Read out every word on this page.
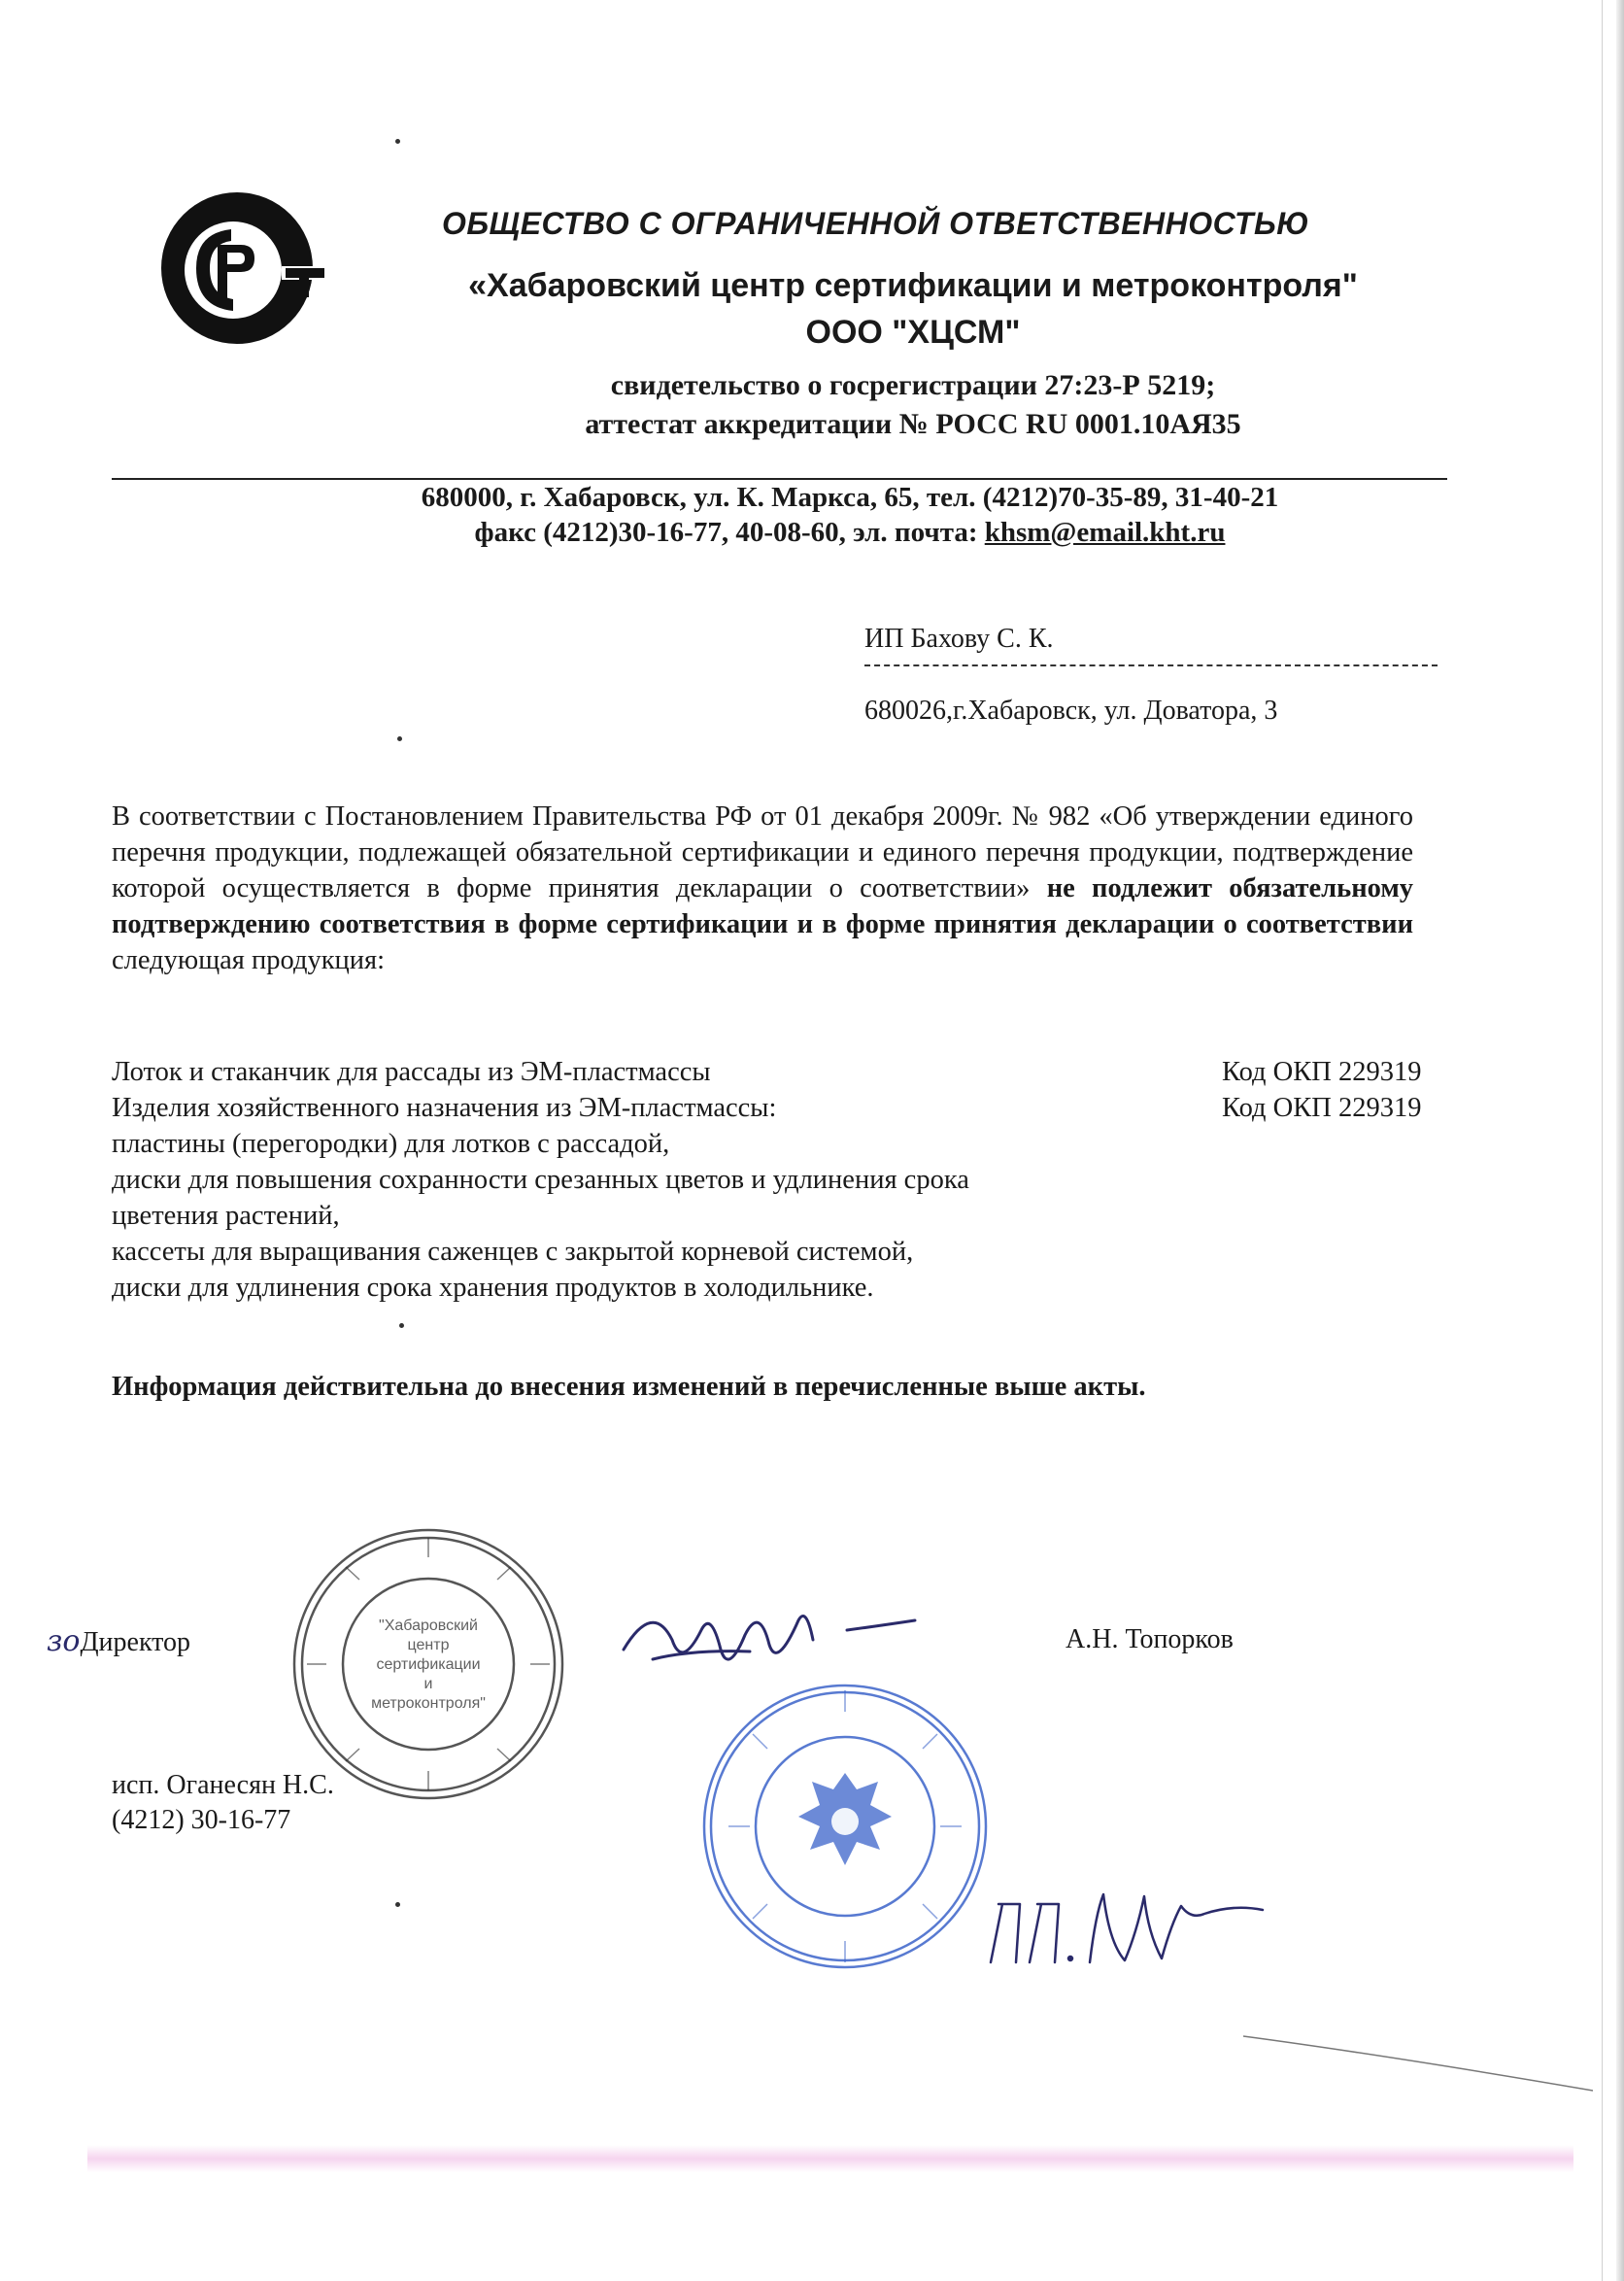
ОБЩЕСТВО С ОГРАНИЧЕННОЙ ОТВЕТСТВЕННОСТЬЮ
«Хабаровский центр сертификации и метроконтроля"
ООО "ХЦСМ"
свидетельство о госрегистрации 27:23-Р 5219;
аттестат аккредитации № РОСС RU 0001.10АЯ35
680000, г. Хабаровск, ул. К. Маркса, 65, тел. (4212)70-35-89, 31-40-21
факс (4212)30-16-77, 40-08-60, эл. почта: khsm@email.kht.ru
ИП Бахову С. К.
680026,г.Хабаровск, ул. Доватора, 3
В соответствии с Постановлением Правительства РФ от 01 декабря 2009г. № 982 «Об утверждении единого перечня продукции, подлежащей обязательной сертификации и единого перечня продукции, подтверждение которой осуществляется в форме принятия декларации о соответствии» не подлежит обязательному подтверждению соответствия в форме сертификации и в форме принятия декларации о соответствии следующая продукция:
Лоток и стаканчик для рассады из ЭМ-пластмассы	Код ОКП 229319
Изделия хозяйственного назначения из ЭМ-пластмассы:	Код ОКП 229319
пластины (перегородки) для лотков с рассадой,
диски для повышения сохранности срезанных цветов и удлинения срока
цветения растений,
кассеты для выращивания саженцев с закрытой корневой системой,
диски для удлинения срока хранения продуктов в холодильнике.
Информация действительна до внесения изменений в перечисленные выше акты.
зоДиректор	А.Н. Топорков
исп. Оганесян Н.С.
(4212) 30-16-77
"Хабаровский
центр
сертификации
и
метроконтроля"
